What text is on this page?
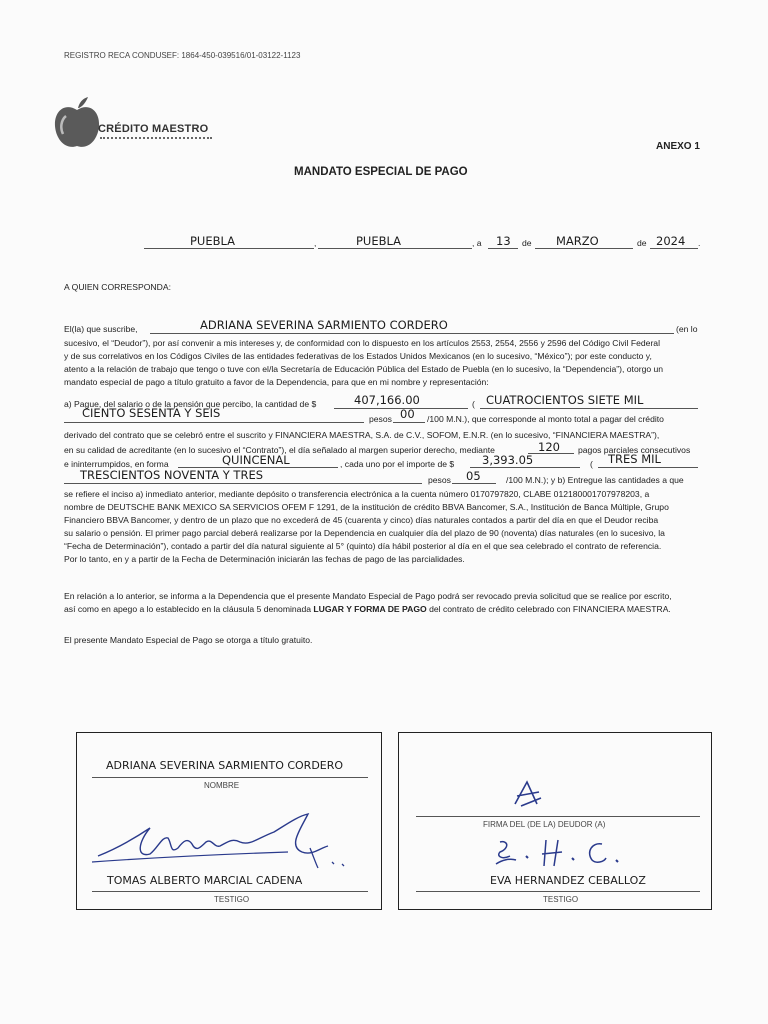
REGISTRO RECA CONDUSEF: 1864-450-039516/01-03122-1123
CRÉDITO MAESTRO
ANEXO 1
MANDATO ESPECIAL DE PAGO
PUEBLA	,	PUEBLA	, a 13 de MARZO	de 2024 .
A QUIEN CORRESPONDA:
El(la) que suscribe,	ADRIANA SEVERINA SARMIENTO CORDERO	(en lo
sucesivo, el “Deudor”), por así convenir a mis intereses y, de conformidad con lo dispuesto en los artículos 2553, 2554, 2556 y 2596 del Código Civil Federal
y de sus correlativos en los Códigos Civiles de las entidades federativas de los Estados Unidos Mexicanos (en lo sucesivo, “México”); por este conducto y,
atento a la relación de trabajo que tengo o tuve con el/la Secretaría de Educación Pública del Estado de Puebla (en lo sucesivo, la “Dependencia”), otorgo un
mandato especial de pago a título gratuito a favor de la Dependencia, para que en mi nombre y representación:
a) Pague, del salario o de la pensión que percibo, la cantidad de $	407,166.00	( CUATROCIENTOS SIETE MIL
CIENTO SESENTA Y SEIS	pesos 00 /100 M.N.), que corresponde al monto total a pagar del crédito
derivado del contrato que se celebró entre el suscrito y FINANCIERA MAESTRA, S.A. de C.V., SOFOM, E.N.R. (en lo sucesivo, “FINANCIERA MAESTRA”),
en su calidad de acreditante (en lo sucesivo el “Contrato”), el día señalado al margen superior derecho, mediante	120 pagos parciales consecutivos
e ininterrumpidos, en forma	QUINCENAL	, cada uno por el importe de $ 3,393.05	( TRES MIL
TRESCIENTOS NOVENTA Y TRES	pesos 05	/100 M.N.); y b) Entregue las cantidades a que
se refiere el inciso a) inmediato anterior, mediante depósito o transferencia electrónica a la cuenta número 0170797820, CLABE 012180001707978203, a
nombre de DEUTSCHE BANK MEXICO SA SERVICIOS OFEM F 1291, de la institución de crédito BBVA Bancomer, S.A., Institución de Banca Múltiple, Grupo
Financiero BBVA Bancomer, y dentro de un plazo que no excederá de 45 (cuarenta y cinco) días naturales contados a partir del día en que el Deudor reciba
su salario o pensión. El primer pago parcial deberá realizarse por la Dependencia en cualquier día del plazo de 90 (noventa) días naturales (en lo sucesivo, la
“Fecha de Determinación”), contado a partir del día natural siguiente al 5° (quinto) día hábil posterior al día en el que sea celebrado el contrato de referencia.
Por lo tanto, en y a partir de la Fecha de Determinación iniciarán las fechas de pago de las parcialidades.
En relación a lo anterior, se informa a la Dependencia que el presente Mandato Especial de Pago podrá ser revocado previa solicitud que se realice por escrito,
así como en apego a lo establecido en la cláusula 5 denominada LUGAR Y FORMA DE PAGO del contrato de crédito celebrado con FINANCIERA MAESTRA.
El presente Mandato Especial de Pago se otorga a título gratuito.
ADRIANA SEVERINA SARMIENTO CORDERO
NOMBRE
FIRMA DEL (DE LA) DEUDOR (A)
TOMAS ALBERTO MARCIAL CADENA
TESTIGO
EVA HERNANDEZ CEBALLOZ
TESTIGO
